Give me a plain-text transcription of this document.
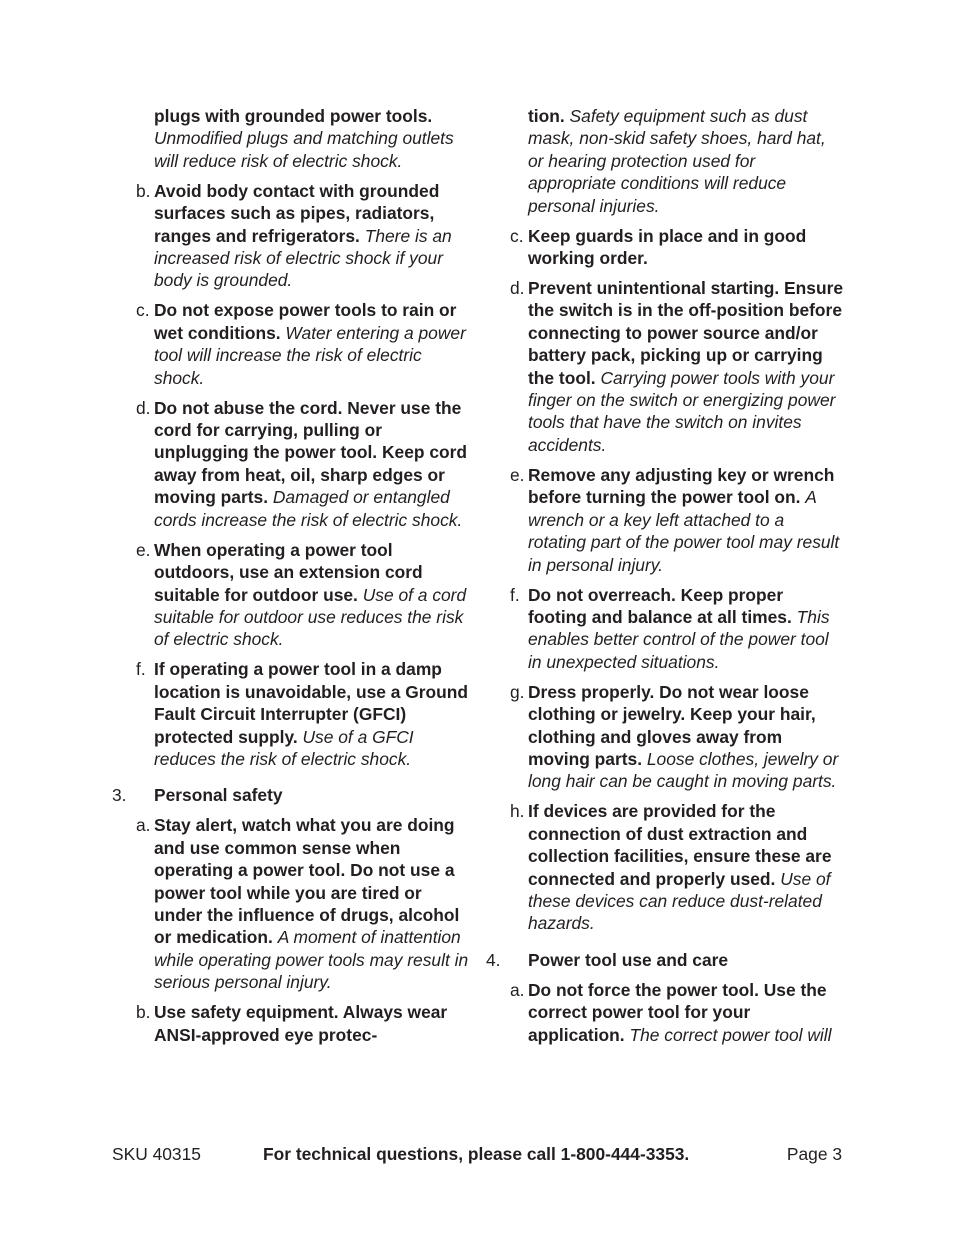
plugs with grounded power tools. Unmodified plugs and matching outlets will reduce risk of electric shock.

b. Avoid body contact with grounded surfaces such as pipes, radiators, ranges and refrigerators. There is an increased risk of electric shock if your body is grounded.

c. Do not expose power tools to rain or wet conditions. Water entering a power tool will increase the risk of electric shock.

d. Do not abuse the cord. Never use the cord for carrying, pulling or unplugging the power tool. Keep cord away from heat, oil, sharp edges or moving parts. Damaged or entangled cords increase the risk of electric shock.

e. When operating a power tool outdoors, use an extension cord suitable for outdoor use. Use of a cord suitable for outdoor use reduces the risk of electric shock.

f. If operating a power tool in a damp location is unavoidable, use a Ground Fault Circuit Interrupter (GFCI) protected supply. Use of a GFCI reduces the risk of electric shock.

3. Personal safety

a. Stay alert, watch what you are doing and use common sense when operating a power tool. Do not use a power tool while you are tired or under the influence of drugs, alcohol or medication. A moment of inattention while operating power tools may result in serious personal injury.

b. Use safety equipment. Always wear ANSI-approved eye protec-

tion. Safety equipment such as dust mask, non-skid safety shoes, hard hat, or hearing protection used for appropriate conditions will reduce personal injuries.

c. Keep guards in place and in good working order.

d. Prevent unintentional starting. Ensure the switch is in the off-position before connecting to power source and/or battery pack, picking up or carrying the tool. Carrying power tools with your finger on the switch or energizing power tools that have the switch on invites accidents.

e. Remove any adjusting key or wrench before turning the power tool on. A wrench or a key left attached to a rotating part of the power tool may result in personal injury.

f. Do not overreach. Keep proper footing and balance at all times. This enables better control of the power tool in unexpected situations.

g. Dress properly. Do not wear loose clothing or jewelry. Keep your hair, clothing and gloves away from moving parts. Loose clothes, jewelry or long hair can be caught in moving parts.

h. If devices are provided for the connection of dust extraction and collection facilities, ensure these are connected and properly used. Use of these devices can reduce dust-related hazards.

4. Power tool use and care

a. Do not force the power tool. Use the correct power tool for your application. The correct power tool will

SKU 40315	For technical questions, please call 1-800-444-3353.	Page 3
